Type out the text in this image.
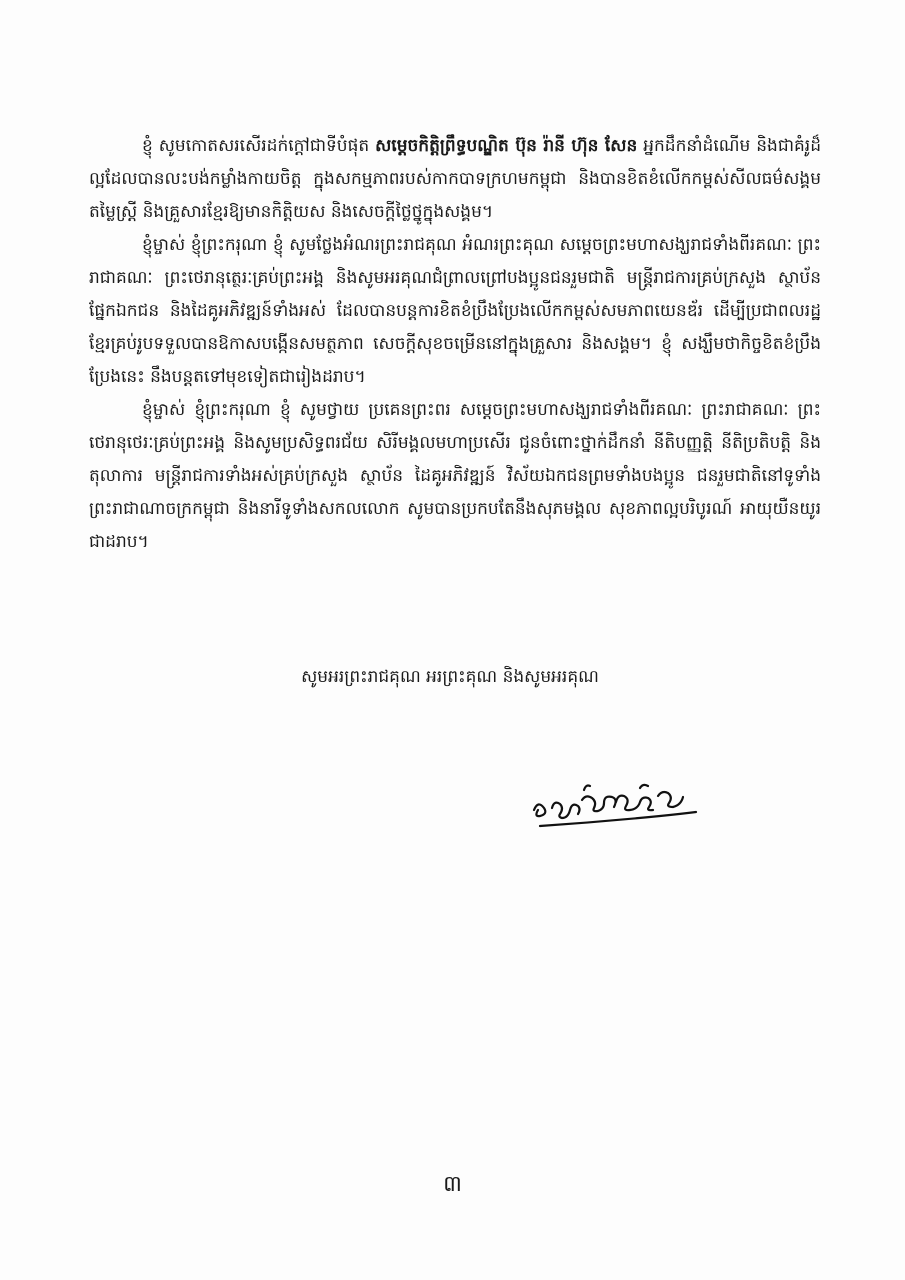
ខ្ញុំ សូមកោតសរសើរដក់ក្តៅជាទីបំផុត សម្តេចកិត្តិព្រឹទ្ធបណ្ឌិត ប៊ុន រ៉ានី ហ៊ុន សែន អ្នកដឹកនាំដំណើម និងជាគំរូដ៏ល្អដែលបានលះបង់កម្លាំងកាយចិត្ត ក្នុងសកម្មភាពរបស់កាកបាទក្រហមកម្ពុជា និងបានខិតខំលើកកម្ពស់សីលធម៌សង្គម តម្លៃស្ត្រី និងគ្រួសារខ្មែរឱ្យមានកិត្តិយស និងសេចក្តីថ្លៃថ្នូក្នុងសង្គម។

ខ្ញុំម្ចាស់ ខ្ញុំព្រះករុណា ខ្ញុំ សូមថ្លែងអំណរព្រះរាជគុណ អំណរព្រះគុណ សម្តេចព្រះមហាសង្ឃរាជទាំងពីរគណៈ ព្រះរាជាគណៈ ព្រះថេរានុត្ថេរៈគ្រប់ព្រះអង្គ និងសូមអរគុណជំព្រាលព្រៅបងប្អូនជនរួមជាតិ មន្ត្រីរាជការគ្រប់ក្រសួង ស្ថាប័នផ្នែកឯកជន និងដៃគូអភិវឌ្ឍន៍ទាំងអស់ ដែលបានបន្តការខិតខំប្រឹងប្រែងលើកកម្ពស់សមភាពយេនឌ័រ ដើម្បីប្រជាពលរដ្ឋខ្មែរគ្រប់រូបទទួលបានឱកាសបង្កើនសមត្ថភាព សេចក្តីសុខចម្រើននៅក្នុងគ្រួសារ និងសង្គម។ ខ្ញុំ សង្ឃឹមថាកិច្ចខិតខំប្រឹងប្រែងនេះ នឹងបន្តតទៅមុខទៀតជារៀងដរាប។

ខ្ញុំម្ចាស់ ខ្ញុំព្រះករុណា ខ្ញុំ សូមថ្វាយ ប្រគេនព្រះពរ សម្តេចព្រះមហាសង្ឃរាជទាំងពីរគណៈ ព្រះរាជាគណៈ ព្រះថេរានុថេរៈគ្រប់ព្រះអង្គ និងសូមប្រសិទ្ធពរជ័យ សិរីមង្គលមហាប្រសើរ ជូនចំពោះថ្នាក់ដឹកនាំ នីតិបញ្ញត្តិ នីតិប្រតិបត្តិ និងតុលាការ មន្ត្រីរាជការទាំងអស់គ្រប់ក្រសួង ស្ថាប័ន ដៃគូអភិវឌ្ឍន៍ វិស័យឯកជនព្រមទាំងបងប្អូន ជនរួមជាតិនៅទូទាំងព្រះរាជាណាចក្រកម្ពុជា និងនារីទូទាំងសកលលោក សូមបានប្រកបតែនឹងសុភមង្គល សុខភាពល្អបរិបូរណ៍ អាយុយឺនយូរជាដរាប។

សូមអរព្រះរាជគុណ អរព្រះគុណ និងសូមអរគុណ
៣
